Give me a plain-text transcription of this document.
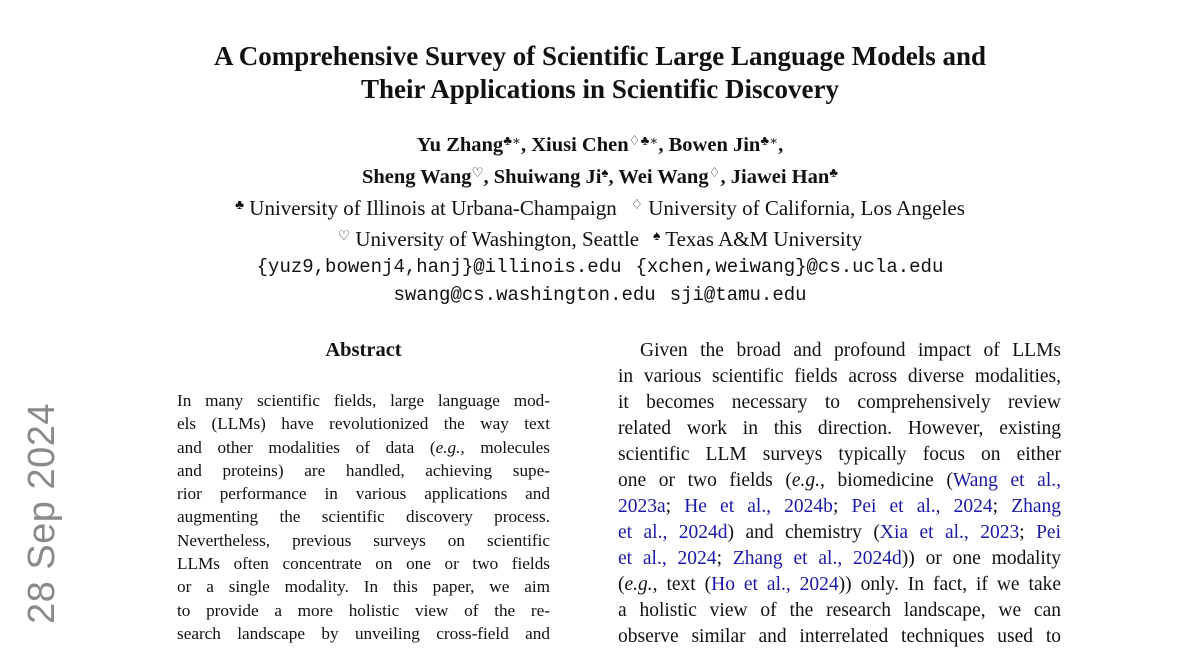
28 Sep 2024
A Comprehensive Survey of Scientific Large Language Models and
Their Applications in Scientific Discovery
Yu Zhang♣∗, Xiusi Chen♢♣∗, Bowen Jin♣∗,
Sheng Wang♡, Shuiwang Ji♠, Wei Wang♢, Jiawei Han♣
♣ University of Illinois at Urbana-Champaign ♢ University of California, Los Angeles
♡ University of Washington, Seattle ♠ Texas A&M University
{yuz9,bowenj4,hanj}@illinois.edu {xchen,weiwang}@cs.ucla.edu
swang@cs.washington.edu sji@tamu.edu
Abstract
In many scientific fields, large language mod-
els (LLMs) have revolutionized the way text
and other modalities of data (e.g., molecules
and proteins) are handled, achieving supe-
rior performance in various applications and
augmenting the scientific discovery process.
Nevertheless, previous surveys on scientific
LLMs often concentrate on one or two fields
or a single modality. In this paper, we aim
to provide a more holistic view of the re-
search landscape by unveiling cross-field and
Given the broad and profound impact of LLMs
in various scientific fields across diverse modalities,
it becomes necessary to comprehensively review
related work in this direction. However, existing
scientific LLM surveys typically focus on either
one or two fields (e.g., biomedicine (Wang et al.,
2023a; He et al., 2024b; Pei et al., 2024; Zhang
et al., 2024d) and chemistry (Xia et al., 2023; Pei
et al., 2024; Zhang et al., 2024d)) or one modality
(e.g., text (Ho et al., 2024)) only. In fact, if we take
a holistic view of the research landscape, we can
observe similar and interrelated techniques used to
